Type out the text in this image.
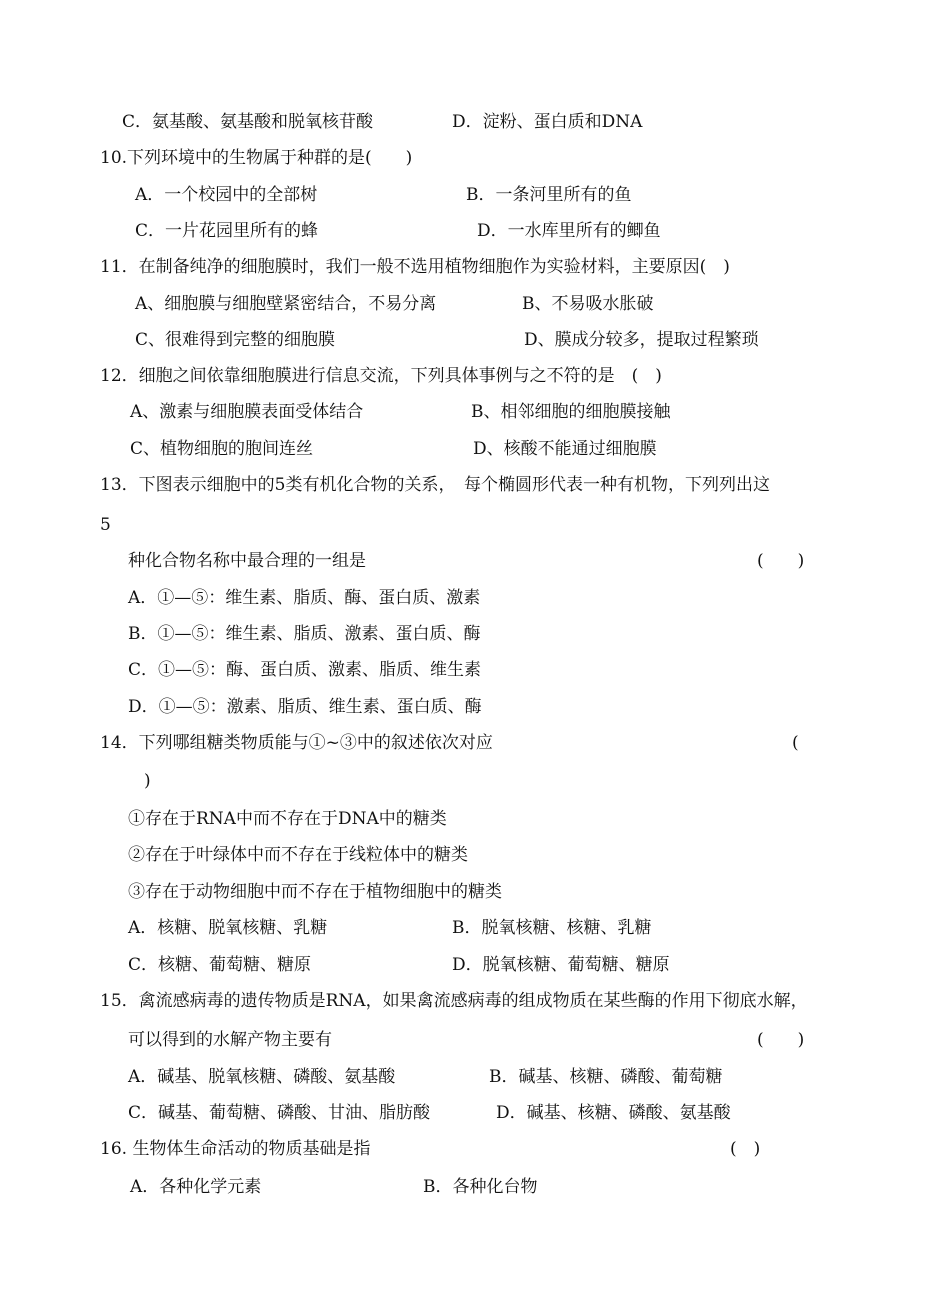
C．氨基酸、氨基酸和脱氧核苷酸	D．淀粉、蛋白质和DNA
10.下列环境中的生物属于种群的是(　　)
A．一个校园中的全部树	B．一条河里所有的鱼
C．一片花园里所有的蜂	D．一水库里所有的鲫鱼
11．在制备纯净的细胞膜时，我们一般不选用植物细胞作为实验材料，主要原因(　)
A、细胞膜与细胞壁紧密结合，不易分离	B、不易吸水胀破
C、很难得到完整的细胞膜	D、膜成分较多，提取过程繁琐
12．细胞之间依靠细胞膜进行信息交流，下列具体事例与之不符的是　(　)
A、激素与细胞膜表面受体结合	B、相邻细胞的细胞膜接触
C、植物细胞的胞间连丝	D、核酸不能通过细胞膜
13．下图表示细胞中的5类有机化合物的关系，　每个椭圆形代表一种有机物，下列列出这
5
种化合物名称中最合理的一组是	(　　)
A．①—⑤：维生素、脂质、酶、蛋白质、激素
B．①—⑤：维生素、脂质、激素、蛋白质、酶
C．①—⑤：酶、蛋白质、激素、脂质、维生素
D．①—⑤：激素、脂质、维生素、蛋白质、酶
14．下列哪组糖类物质能与①~③中的叙述依次对应	(
)
①存在于RNA中而不存在于DNA中的糖类
②存在于叶绿体中而不存在于线粒体中的糖类
③存在于动物细胞中而不存在于植物细胞中的糖类
A．核糖、脱氧核糖、乳糖	B．脱氧核糖、核糖、乳糖
C．核糖、葡萄糖、糖原	D．脱氧核糖、葡萄糖、糖原
15．禽流感病毒的遗传物质是RNA，如果禽流感病毒的组成物质在某些酶的作用下彻底水解，
可以得到的水解产物主要有	(　　)
A．碱基、脱氧核糖、磷酸、氨基酸	B．碱基、核糖、磷酸、葡萄糖
C．碱基、葡萄糖、磷酸、甘油、脂肪酸	D．碱基、核糖、磷酸、氨基酸
16. 生物体生命活动的物质基础是指	(　)
A．各种化学元素	B．各种化台物
